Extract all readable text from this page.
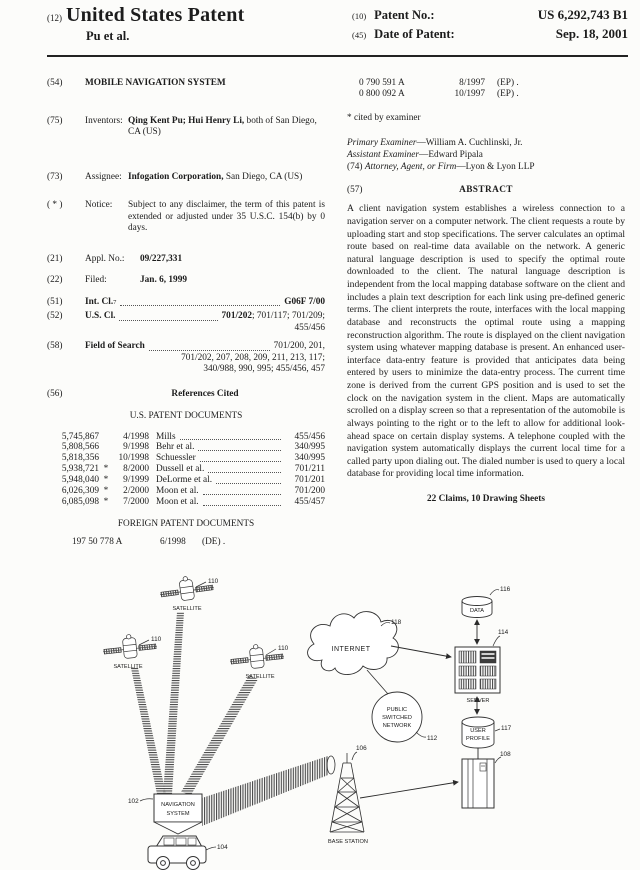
(12) United States Patent
Pu et al.
(10) Patent No.:	US 6,292,743 B1
(45) Date of Patent:	Sep. 18, 2001
(54)	MOBILE NAVIGATION SYSTEM
(75)	Inventors: Qing Kent Pu; Hui Henry Li, both of San Diego, CA (US)
(73)	Assignee: Infogation Corporation, San Diego, CA (US)
( * )	Notice:	Subject to any disclaimer, the term of this patent is extended or adjusted under 35 U.S.C. 154(b) by 0 days.
(21)	Appl. No.:	09/227,331
(22)	Filed:	Jan. 6, 1999
(51)	Int. Cl. 7	G06F 7/00
(52)	U.S. Cl.	701/202; 701/117; 701/209;
455/456
(58)	Field of Search	701/200, 201,
701/202, 207, 208, 209, 211, 213, 117;
340/988, 990, 995; 455/456, 457
(56)	References Cited
U.S. PATENT DOCUMENTS
5,745,867	4/1998 Mills	455/456
5,808,566	9/1998 Behr et al.	340/995
5,818,356	10/1998 Schuessler	340/995
5,938,721 *	8/2000 Dussell et al.	701/211
5,948,040 *	9/1999 DeLorme et al.	701/201
6,026,309 *	2/2000 Moon et al.	701/200
6,085,098 *	7/2000 Moon et al.	455/457
FOREIGN PATENT DOCUMENTS
197 50 778 A	6/1998	(DE) .
0 790 591 A	8/1997	(EP) .
0 800 092 A	10/1997	(EP) .
* cited by examiner
Primary Examiner—William A. Cuchlinski, Jr.
Assistant Examiner—Edward Pipala
(74) Attorney, Agent, or Firm—Lyon & Lyon LLP
(57)	ABSTRACT
A client navigation system establishes a wireless connection to a navigation server on a computer network. The client requests a route by uploading start and stop specifications. The server calculates an optimal route based on real-time data available on the network. A generic natural language description is used to specify the optimal route downloaded to the client. The natural language description is independent from the local mapping database software on the client and includes a plain text description for each link using pre-defined generic terms. The client interprets the route, interfaces with the local mapping database and reconstructs the optimal route using a mapping reconstruction algorithm. The route is displayed on the client navigation system using whatever mapping database is present. An enhanced user-interface data-entry feature is provided that anticipates data being entered by users to minimize the data-entry process. The current time zone is derived from the current GPS position and is used to set the clock on the navigation system in the client. Maps are automatically scrolled on a display screen so that a representation of the automobile is always pointing to the right or to the left to allow for additional look-ahead space on certain display systems. A telephone coupled with the navigation system automatically displays the current local time for a called party upon dialing out. The dialed number is used to query a local database for providing local time information.
22 Claims, 10 Drawing Sheets
SATELLITE
110
SATELLITE
110
SATELLITE
110	INTERNET
118
PUBLIC
SWITCHED
NETWORK
112
DATA
116
SERVER
114
USER
PROFILE
117
108
106
BASE STATION
NAVIGATION
SYSTEM
102
104
